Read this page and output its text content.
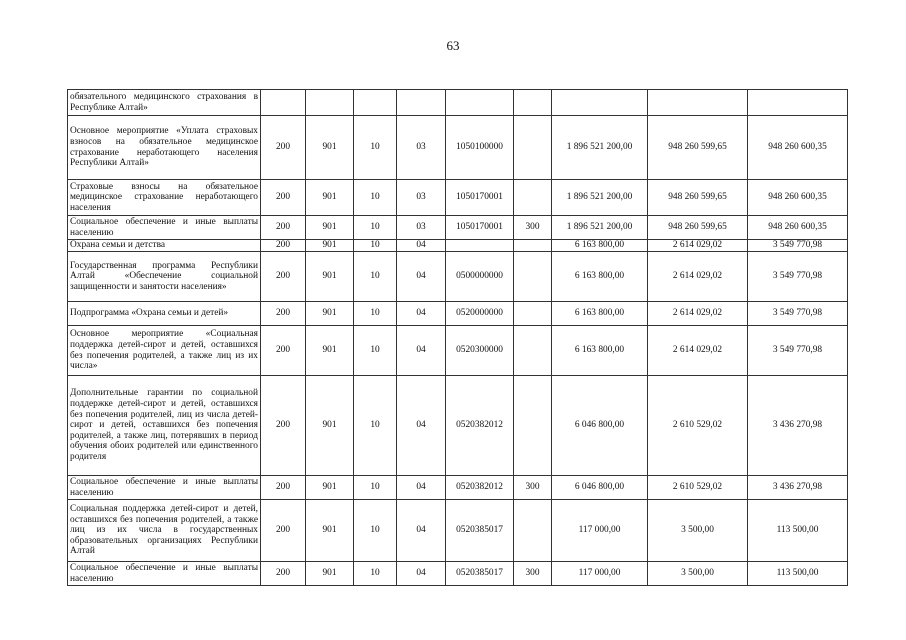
63
обязательного медицинского страхования в Республике Алтай»									
Основное мероприятие «Уплата страховых взносов на обязательное медицинское страхование неработающего населения Республики Алтай»	200	901	10	03	1050100000		1 896 521 200,00	948 260 599,65	948 260 600,35
Страховые взносы на обязательное медицинское страхование неработающего населения	200	901	10	03	1050170001		1 896 521 200,00	948 260 599,65	948 260 600,35
Социальное обеспечение и иные выплаты населению	200	901	10	03	1050170001	300	1 896 521 200,00	948 260 599,65	948 260 600,35
Охрана семьи и детства	200	901	10	04			6 163 800,00	2 614 029,02	3 549 770,98
Государственная программа Республики Алтай «Обеспечение социальной защищенности и занятости населения»	200	901	10	04	0500000000		6 163 800,00	2 614 029,02	3 549 770,98
Подпрограмма «Охрана семьи и детей»	200	901	10	04	0520000000		6 163 800,00	2 614 029,02	3 549 770,98
Основное мероприятие «Социальная поддержка детей-сирот и детей, оставшихся без попечения родителей, а также лиц из их числа»	200	901	10	04	0520300000		6 163 800,00	2 614 029,02	3 549 770,98
Дополнительные гарантии по социальной поддержке детей-сирот и детей, оставшихся без попечения родителей, лиц из числа детей-сирот и детей, оставшихся без попечения родителей, а также лиц, потерявших в период обучения обоих родителей или единственного родителя	200	901	10	04	0520382012		6 046 800,00	2 610 529,02	3 436 270,98
Социальное обеспечение и иные выплаты населению	200	901	10	04	0520382012	300	6 046 800,00	2 610 529,02	3 436 270,98
Социальная поддержка детей-сирот и детей, оставшихся без попечения родителей, а также лиц из их числа в государственных образовательных организациях Республики Алтай	200	901	10	04	0520385017		117 000,00	3 500,00	113 500,00
Социальное обеспечение и иные выплаты населению	200	901	10	04	0520385017	300	117 000,00	3 500,00	113 500,00
